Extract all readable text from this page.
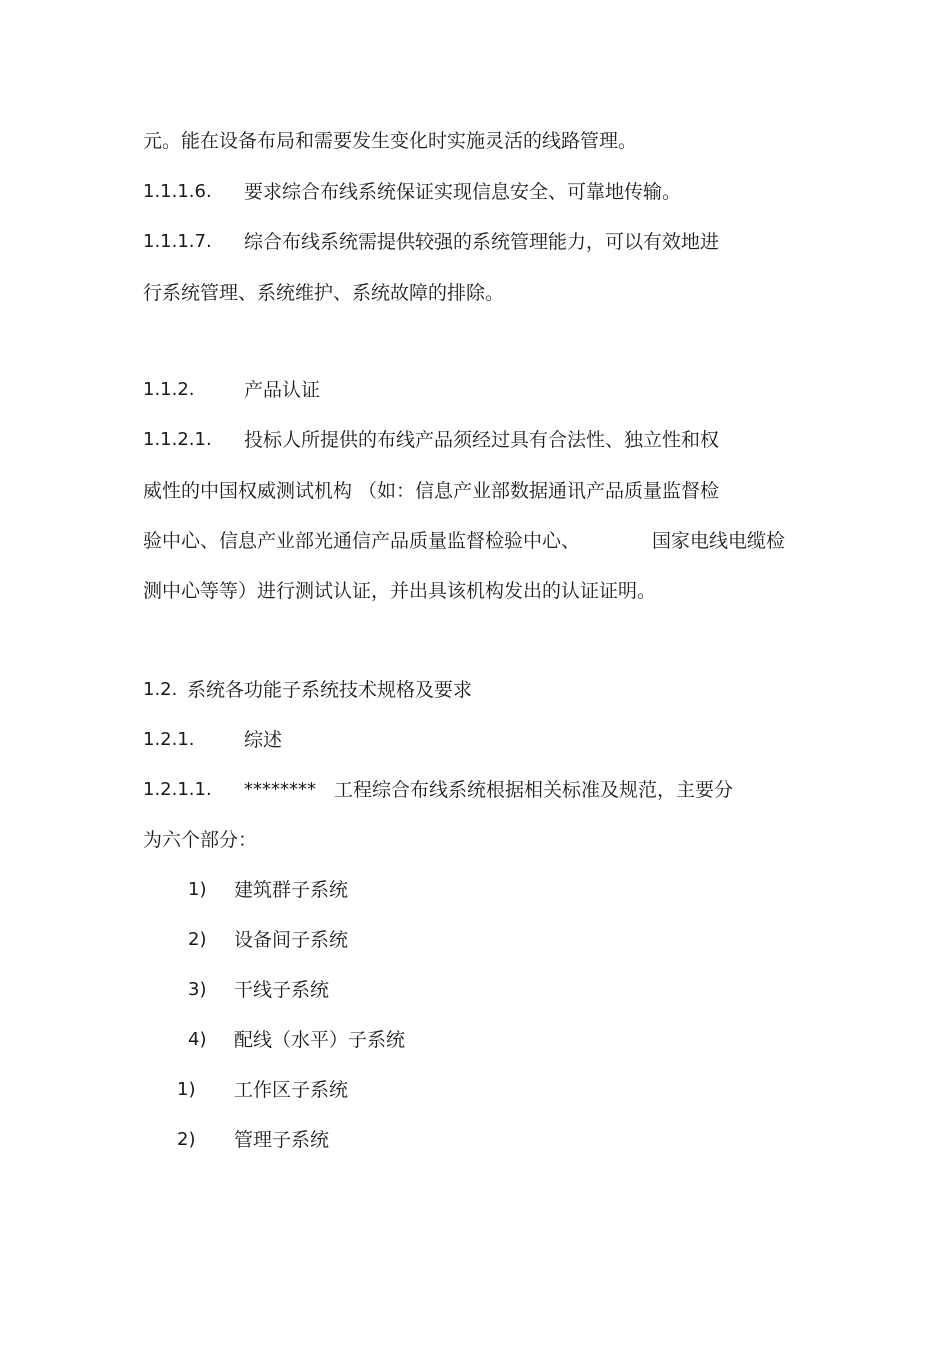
元。能在设备布局和需要发生变化时实施灵活的线路管理。
1.1.1.6. 要求综合布线系统保证实现信息安全、可靠地传输。
1.1.1.7. 综合布线系统需提供较强的系统管理能力，可以有效地进
行系统管理、系统维护、系统故障的排除。
1.1.2.	产品认证
1.1.2.1. 投标人所提供的布线产品须经过具有合法性、独立性和权
威性的中国权威测试机构 （如：信息产业部数据通讯产品质量监督检
验中心、信息产业部光通信产品质量监督检验中心、	国家电线电缆检
测中心等等）进行测试认证，并出具该机构发出的认证证明。
1.2. 系统各功能子系统技术规格及要求
1.2.1.	综述
1.2.1.1. ******** 工程综合布线系统根据相关标准及规范，主要分
为六个部分：
1) 建筑群子系统
2) 设备间子系统
3) 干线子系统
4) 配线（水平）子系统
1) 工作区子系统
2) 管理子系统
